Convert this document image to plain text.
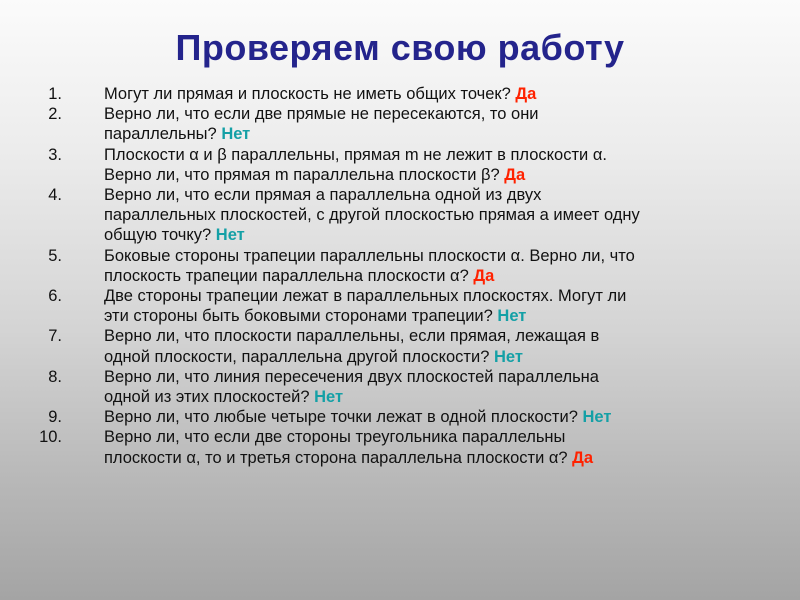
Проверяем свою работу
1.	Могут ли прямая и плоскость не иметь общих точек? Да
2.	Верно ли, что если две прямые не пересекаются, то они
параллельны? Нет
3.	Плоскости α и β параллельны, прямая m не лежит в плоскости α.
Верно ли, что прямая m параллельна плоскости β? Да
4.	Верно ли, что если прямая а параллельна одной из двух
параллельных плоскостей, с другой плоскостью прямая а имеет одну
общую точку? Нет
5.	Боковые стороны трапеции параллельны плоскости α. Верно ли, что
плоскость трапеции параллельна плоскости α? Да
6.	Две стороны трапеции лежат в параллельных плоскостях. Могут ли
эти стороны быть боковыми сторонами трапеции? Нет
7.	Верно ли, что плоскости параллельны, если прямая, лежащая в
одной плоскости, параллельна другой плоскости? Нет
8.	Верно ли, что линия пересечения двух плоскостей параллельна
одной из этих плоскостей? Нет
9.	Верно ли, что любые четыре точки лежат в одной плоскости? Нет
10.	Верно ли, что если две стороны треугольника параллельны
плоскости α, то и третья сторона параллельна плоскости α? Да
